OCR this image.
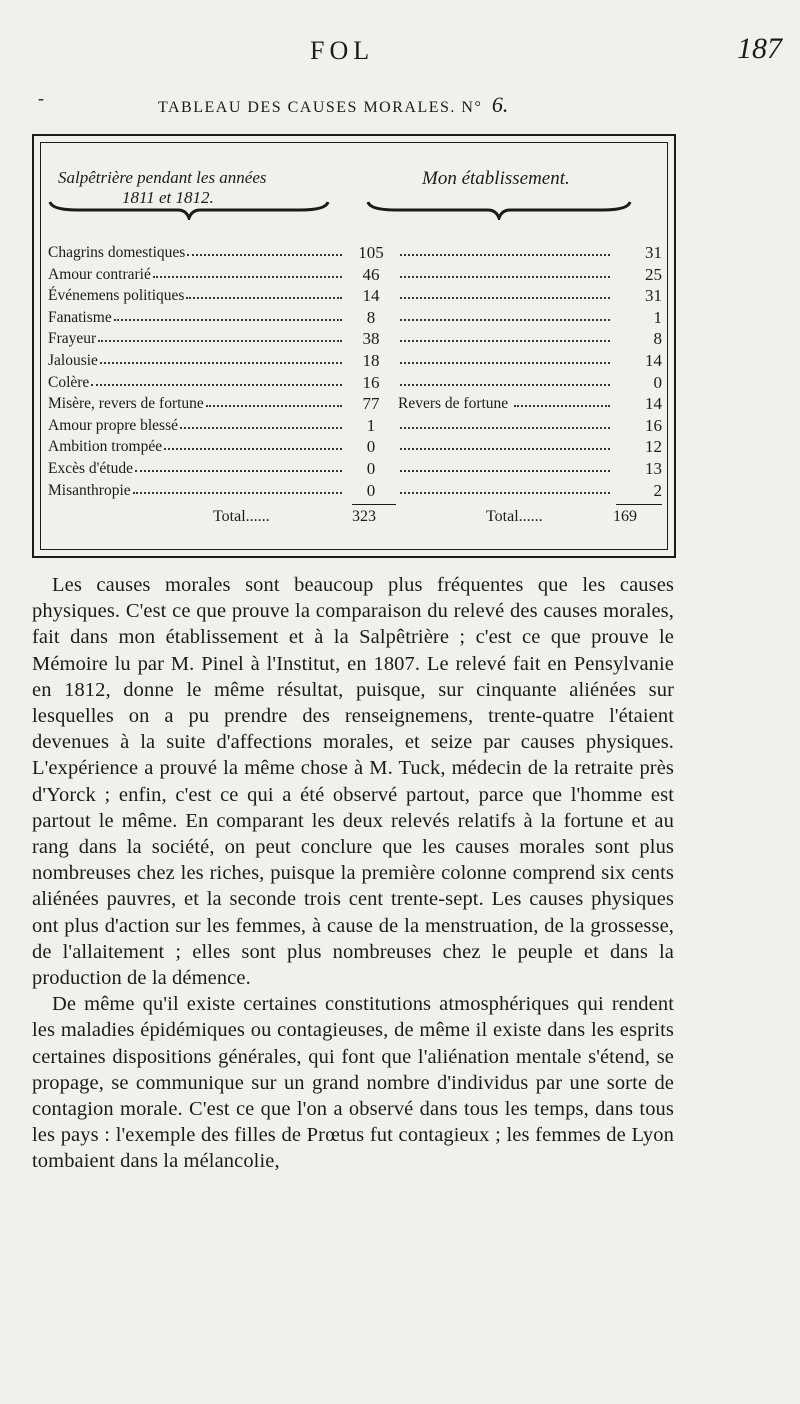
-
FOL	187
TABLEAU DES CAUSES MORALES. N° 6.
Salpêtrière pendant les années
1811 et 1812.
Mon établissement.
Chagrins domestiques	105	31
Amour contrarié	46	25
Événemens politiques	14	31
Fanatisme	8	1
Frayeur	38	8
Jalousie	18	14
Colère	16	0
Misère, revers de fortune	77	Revers de fortune	14
Amour propre blessé	1	16
Ambition trompée	0	12
Excès d'étude	0	13
Misanthropie	0	2
Total......	323	Total......	169

Les causes morales sont beaucoup plus fréquentes que les causes physiques. C'est ce que prouve la comparaison du relevé des causes morales, fait dans mon établissement et à la Salpêtrière ; c'est ce que prouve le Mémoire lu par M. Pinel à l'Institut, en 1807. Le relevé fait en Pensylvanie en 1812, donne le même résultat, puisque, sur cinquante aliénées sur lesquelles on a pu prendre des renseignemens, trente-quatre l'étaient devenues à la suite d'affections morales, et seize par causes physiques. L'expérience a prouvé la même chose à M. Tuck, médecin de la retraite près d'Yorck ; enfin, c'est ce qui a été observé partout, parce que l'homme est partout le même. En comparant les deux relevés relatifs à la fortune et au rang dans la société, on peut conclure que les causes morales sont plus nombreuses chez les riches, puisque la première colonne comprend six cents aliénées pauvres, et la seconde trois cent trente-sept. Les causes physiques ont plus d'action sur les femmes, à cause de la menstruation, de la grossesse, de l'allaitement ; elles sont plus nombreuses chez le peuple et dans la production de la démence.

De même qu'il existe certaines constitutions atmosphériques qui rendent les maladies épidémiques ou contagieuses, de même il existe dans les esprits certaines dispositions générales, qui font que l'aliénation mentale s'étend, se propage, se communique sur un grand nombre d'individus par une sorte de contagion morale. C'est ce que l'on a observé dans tous les temps, dans tous les pays : l'exemple des filles de Prœtus fut contagieux ; les femmes de Lyon tombaient dans la mélancolie,
